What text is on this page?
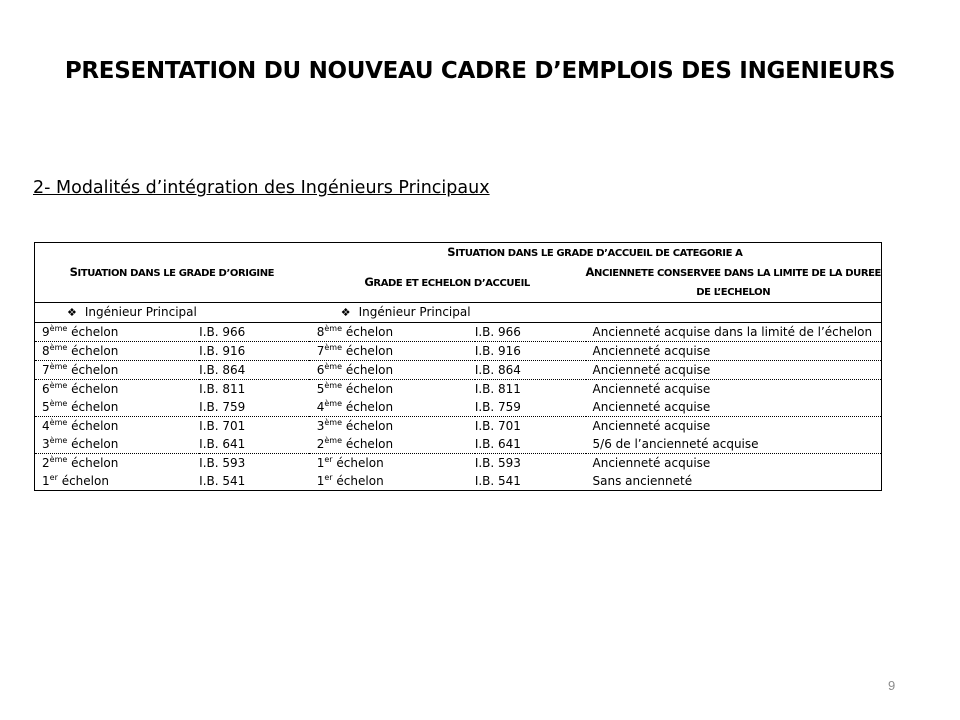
PRESENTATION DU NOUVEAU CADRE D’EMPLOIS DES INGENIEURS
2- Modalités d’intégration des Ingénieurs Principaux
SITUATION DANS LE GRADE D’ORIGINE		SITUATION DANS LE GRADE D’ACCUEIL DE CATEGORIE A		
		GRADE ET ECHELON D’ACCUEIL		ANCIENNETE CONSERVEE DANS LA LIMITE DE LA DUREE
DE L’ECHELON
❖ Ingénieur Principal		❖ Ingénieur Principal		
9ème échelon	I.B. 966	8ème échelon	I.B. 966	Ancienneté acquise dans la limité de l’échelon
8ème échelon	I.B. 916	7ème échelon	I.B. 916	Ancienneté acquise
7ème échelon	I.B. 864	6ème échelon	I.B. 864	Ancienneté acquise
6ème échelon	I.B. 811	5ème échelon	I.B. 811	Ancienneté acquise
5ème échelon	I.B. 759	4ème échelon	I.B. 759	Ancienneté acquise
4ème échelon	I.B. 701	3ème échelon	I.B. 701	Ancienneté acquise
3ème échelon	I.B. 641	2ème échelon	I.B. 641	5/6 de l’ancienneté acquise
2ème échelon	I.B. 593	1er échelon	I.B. 593	Ancienneté acquise
1er échelon	I.B. 541	1er échelon	I.B. 541	Sans ancienneté
9
